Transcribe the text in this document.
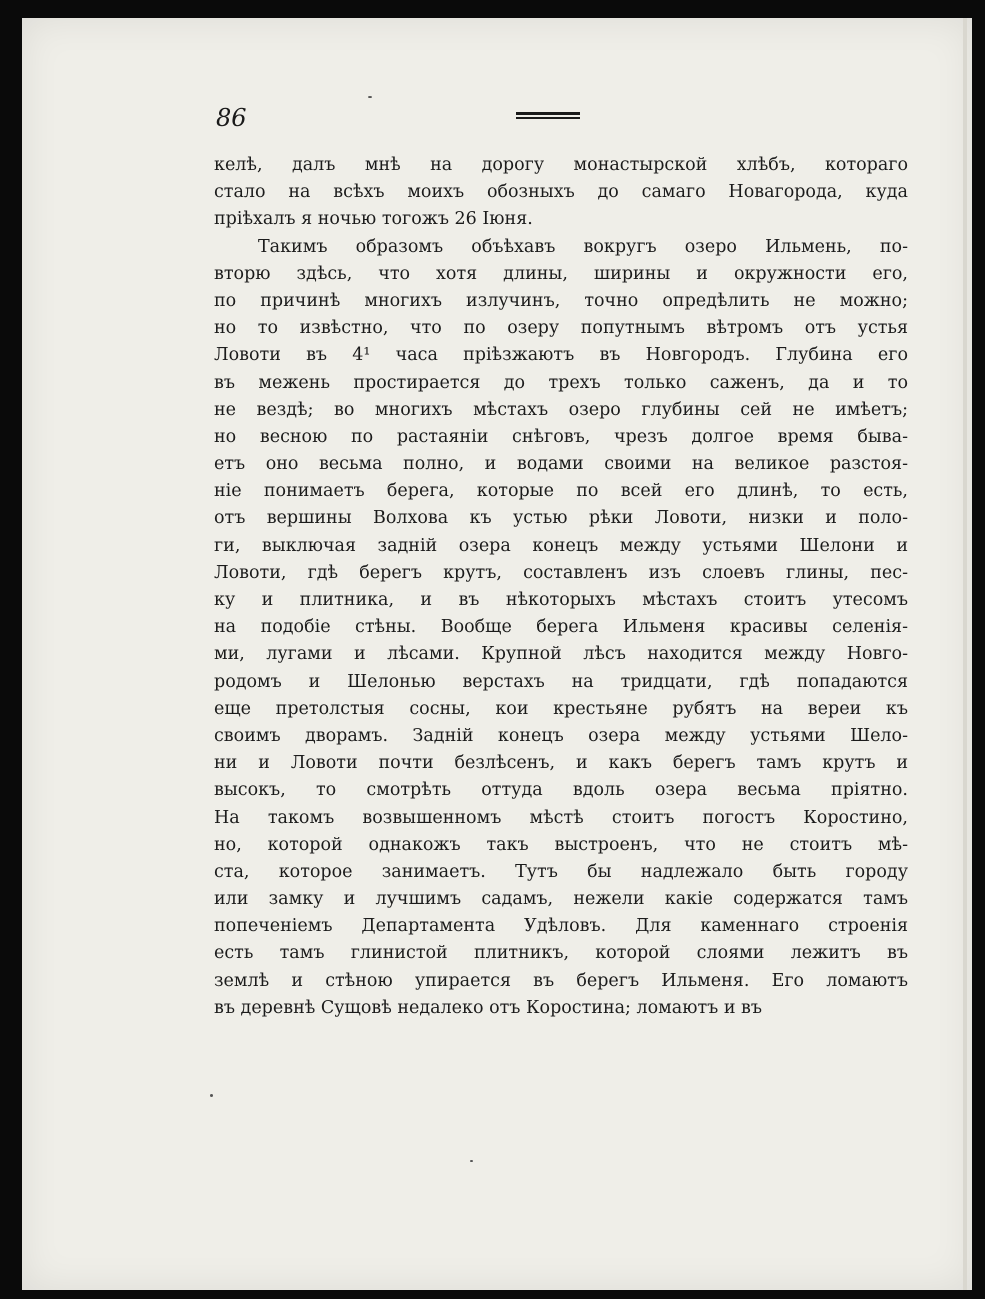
86
келѣ, далъ мнѣ на дорогу монастырской хлѣбъ, котораго
стало на всѣхъ моихъ обозныхъ до самаго Новагорода, куда
пріѣхалъ я ночью тогожъ 26 Іюня.
Такимъ образомъ объѣхавъ вокругъ озеро Ильмень, по-
вторю здѣсь, что хотя длины, ширины и окружности его,
по причинѣ многихъ излучинъ, точно опредѣлить не можно;
но то извѣстно, что по озеру попутнымъ вѣтромъ отъ устья
Ловоти въ 4¹ часа пріѣзжаютъ въ Новгородъ. Глубина его
въ межень простирается до трехъ только саженъ, да и то
не вездѣ; во многихъ мѣстахъ озеро глубины сей не имѣетъ;
но весною по растаяніи снѣговъ, чрезъ долгое время быва-
етъ оно весьма полно, и водами своими на великое разстоя-
ніе понимаетъ берега, которые по всей его длинѣ, то есть,
отъ вершины Волхова къ устью рѣки Ловоти, низки и поло-
ги, выключая задній озера конецъ между устьями Шелони и
Ловоти, гдѣ берегъ крутъ, составленъ изъ слоевъ глины, пес-
ку и плитника, и въ нѣкоторыхъ мѣстахъ стоитъ утесомъ
на подобіе стѣны. Вообще берега Ильменя красивы селенія-
ми, лугами и лѣсами. Крупной лѣсъ находится между Новго-
родомъ и Шелонью верстахъ на тридцати, гдѣ попадаются
еще претолстыя сосны, кои крестьяне рубятъ на вереи къ
своимъ дворамъ. Задній конецъ озера между устьями Шело-
ни и Ловоти почти безлѣсенъ, и какъ берегъ тамъ крутъ и
высокъ, то смотрѣть оттуда вдоль озера весьма пріятно.
На такомъ возвышенномъ мѣстѣ стоитъ погостъ Коростино,
но, которой однакожъ такъ выстроенъ, что не стоитъ мѣ-
ста, которое занимаетъ. Тутъ бы надлежало быть городу
или замку и лучшимъ садамъ, нежели какіе содержатся тамъ
попеченіемъ Департамента Удѣловъ. Для каменнаго строенія
есть тамъ глинистой плитникъ, которой слоями лежитъ въ
землѣ и стѣною упирается въ берегъ Ильменя. Его ломаютъ
въ деревнѣ Сущовѣ недалеко отъ Коростина; ломаютъ и въ
